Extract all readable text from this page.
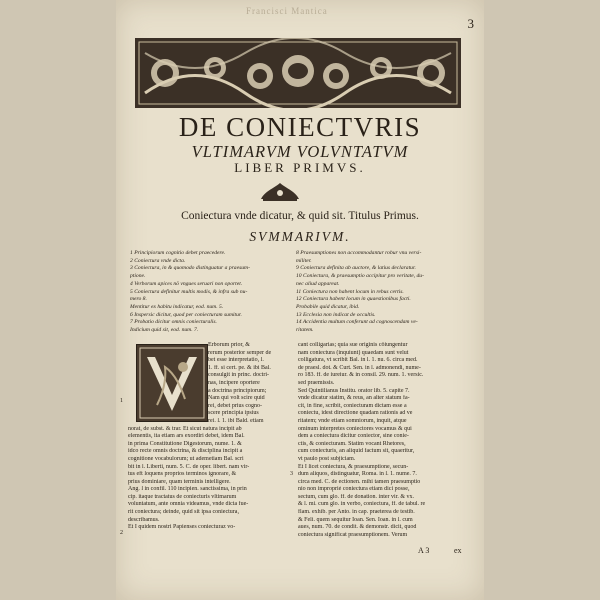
Francisci Mantica
3
DE CONIECTVRIS
VLTIMARVM VOLVNTATVM
LIBER PRIMVS.
Coniectura vnde dicatur, & quid sit. Titulus Primus.
SVMMARIVM.
1 Principiorum cognitio debet praecedere.
2 Coniectura vnde dicta.
3 Coniectura, in & quomodo distinguatur a praesum-
ptione.
4 Verborum apices nō vngues seruari non oportet.
5 Coniectura definitur multis modis, & infra sub nu-
mero 8.
Mentitur ex habitu indicatur, eod. num. 5.
6 Inspersic dicitur, quod per coniecturam sumitur.
7 Probatio dicitur omnis coniecturalis.
Indicium quid sit, eod. num. 7.
8 Praesumptiones non accommodantur robur vnu versi-
militer.
9 Coniectura definita ab auctore, & latius declaratur.
10 Coniectura, & praesumptio accipitur pro veritate, du-
nec aliud appareat.
11 Coniectura non habent locum in rebus certis.
12 Coniectura habent locum in quaestionibus facti.
Probabile quid dicatur, ibid.
13 Ecclesia non indicat de occultis.
14 Accidentia multum conferunt ad cognoscendam ve-
ritatem.
Erborum prior, &
rerum posterior semper de
bet esse interpretatio, l.
1. ff. si cert. pe. & ibi Bal.
consulgit in princ. doctri-
nas, incipere oportere
a doctrina principiorum;
Nam qui volt scire quid
rei, debet prius cogno-
scere principia ipsius
rei. l. 1. ibi Bald. etiam
norat, de subst. & trar. Et sicut natura incipit ab
elementis, ita etiam ars exordiri debet, idem Bal.
in prima Constitutione Digestorum, nume. 1. &
idco recte omnis doctrina, & disciplina incipit a
cognitione vocabulorum; ut ademetiam Bal. scri
bit in l. Liberti, num. 5. C. de oper. libert. nam vir-
tus eft loquens proprios terminos ignorare, &
prius dominiare, quam terminis intelligere.
Ang. l in confil. 110 incipien. sanctissima, in prin
cip. itaque tractatus de coniecturis vltimarum
voluntatum, ante omnia videamus, vnde dicta fue-
rit coniectura; deinde, quid sit ipsa coniectura,
describamus.
Et I quidem nostri Papienses coniecturaz vo-
cant colligarias; quia sue originis cōiungentur
nam coniectura (inquiunt) quaedam sunt velut
colligatura, vt scribit Bal. in l. 1. nu. 6. circa med.
de praesl. dot. & Curt. Sen. in l. admonendi, nume-
ro 183. ff. de iureiur. & in consil. 29. num. 1. versic.
sed praemissis.
Sed Quintilianus Institu. orator lib. 5. capite 7.
vnde dicatur statim, & reus, an alter statum fa-
cit, in fine, scribit, coniecturam dictam esse a
coniectu, idest directione quadam rationis ad ve
ritatem; vnde etiam somniorum, inquit, atque
ominum interpretes coniectores vocamus & qui
dem a coniectura dicitur coniector, sine conie-
ctis, & coniecturam. Statim vocant Rhetores,
cum coniecturis, an aliquid factum sit, quaeritur,
vt paulo post subjiciam.
Et I licet coniectura, & praesumptione, secun-
dum aliquos, distinguatur, Roma. in l. 1. nume. 7.
circa med. C. de ectionen. mihi tamen praesumptio
nio non impropriè coniectura etiam dici posse,
sectum, cum glo. ff. de donation. inter vir. & vx.
& l. mi. cum glo. in verbo, coniectura, ff. de tabul. re
flam. exhib. per Anto. in cap. praeterea de testib.
& Feli. quem sequitur Ioan. Sen. Ioan. in l. cum
aues, num. 70. de condit. & demonstr. dicit, quod
coniectura significat praesumptionem. Verum
1
2
3
A 3	ex
